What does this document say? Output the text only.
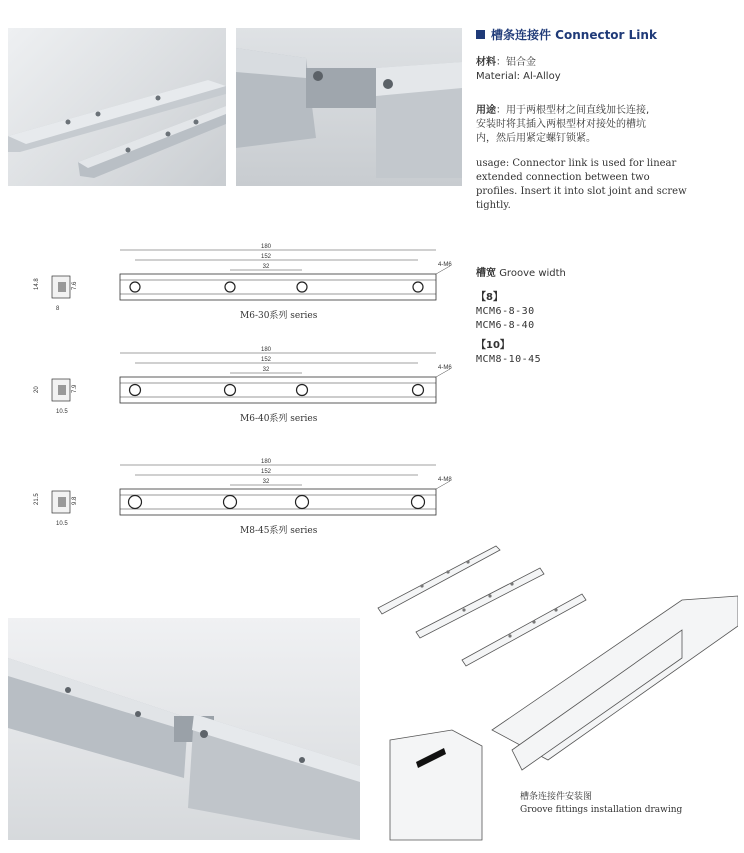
槽条连接件 Connector Link
材料：铝合金
Material: Al-Alloy
用途：用于两根型材之间直线加长连接,
安装时将其插入两根型材对接处的槽坑
内，然后用紧定螺钉锁紧。
usage: Connector link is used for linear
extended connection between two
profiles. Insert it into slot joint and screw
tightly.
槽宽 Groove width
【8】
MCM6-8-30
MCM6-8-40
【10】
MCM8-10-45
180
152
32	4-M6
14.8	7.6
8
M6-30系列 series
180
152
32	4-M6
20	7.9
10.5
M6-40系列 series
180
152
32	4-M8
21.5	9.8
10.5
M8-45系列 series
槽条连接件安装图
Groove fittings installation drawing
搜狐号@美诚铝业
